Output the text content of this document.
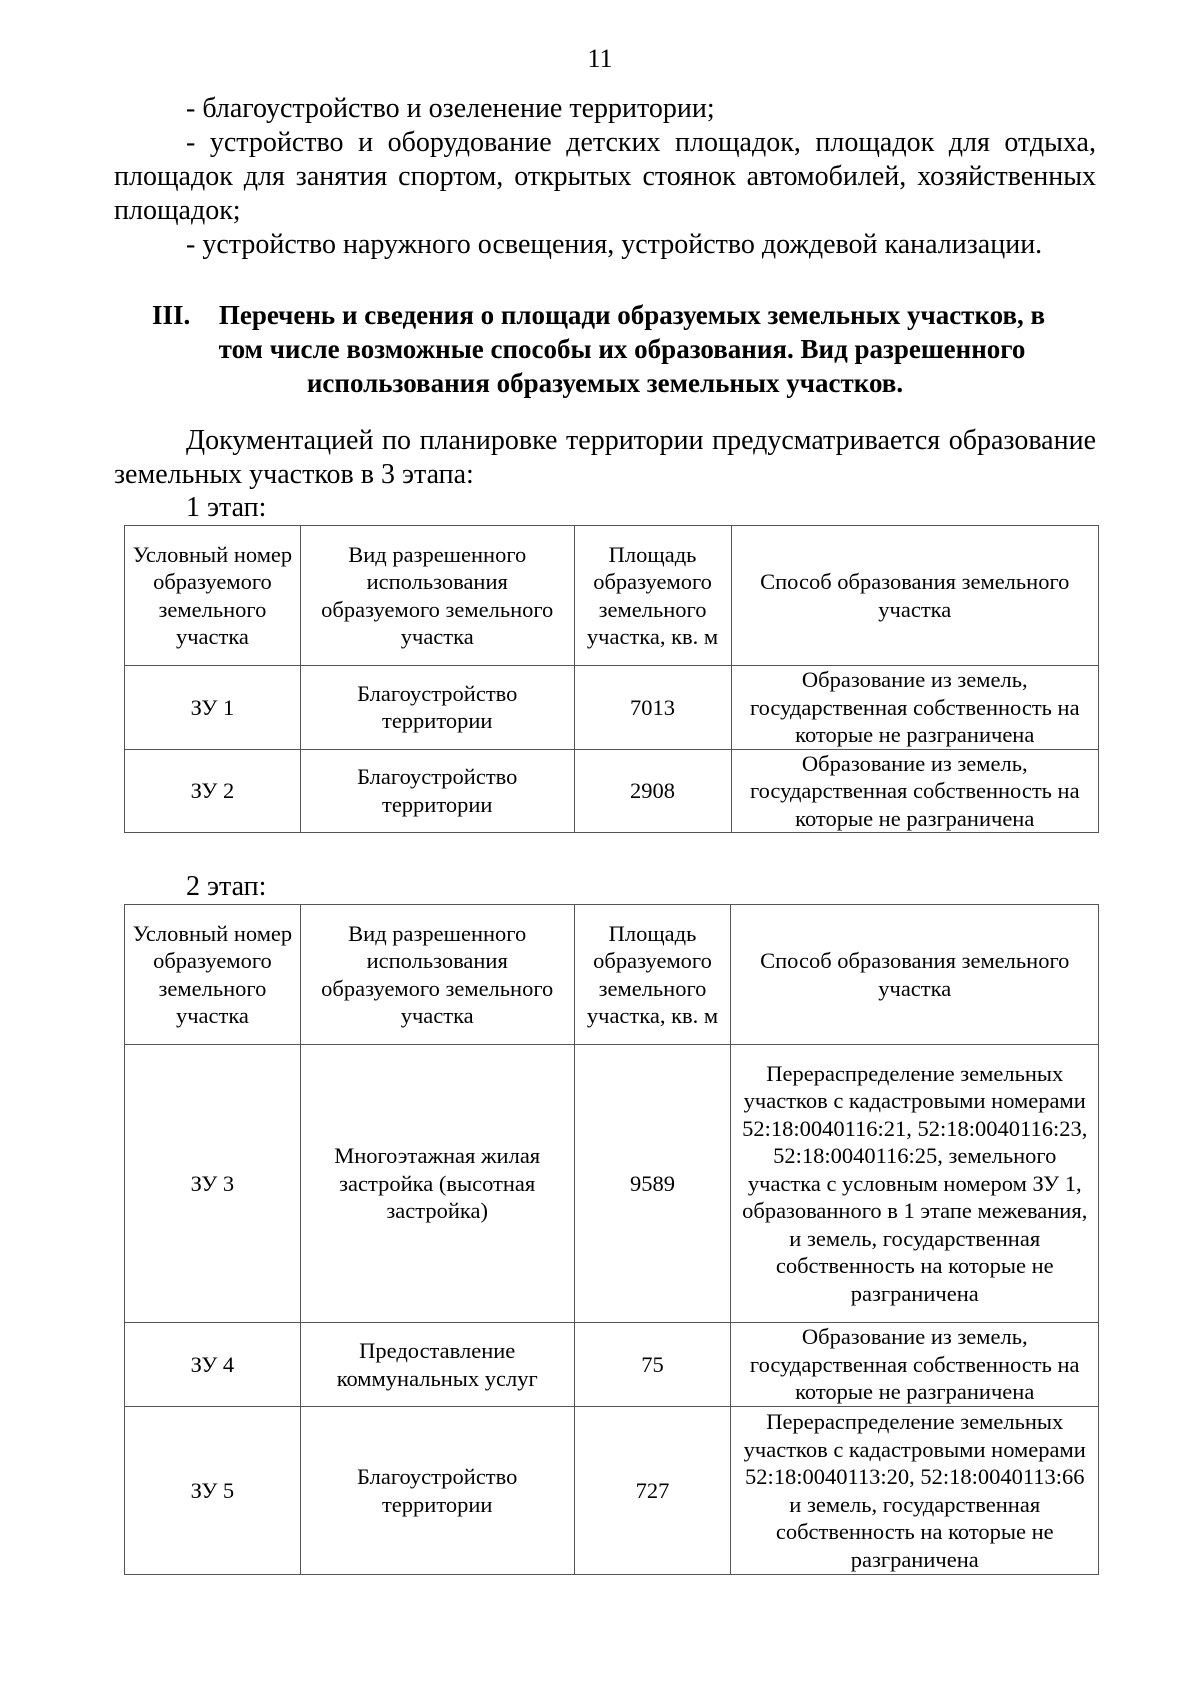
11

- благоустройство и озеленение территории;

- устройство и оборудование детских площадок, площадок для отдыха, площадок для занятия спортом, открытых стоянок автомобилей, хозяйственных площадок;

- устройство наружного освещения, устройство дождевой канализации.

III.	Перечень и сведения о площади образуемых земельных участков, в
том числе возможные способы их образования. Вид разрешенного
использования образуемых земельных участков.

Документацией по планировке территории предусматривается образование земельных участков в 3 этапа:

1 этап:
Условный номер образуемого земельного участка	Вид разрешенного использования образуемого земельного участка	Площадь образуемого земельного участка, кв. м	Способ образования земельного участка
ЗУ 1	Благоустройство территории	7013	Образование из земель, государственная собственность на которые не разграничена
ЗУ 2	Благоустройство территории	2908	Образование из земель, государственная собственность на которые не разграничена
2 этап:
Условный номер образуемого земельного участка	Вид разрешенного использования образуемого земельного участка	Площадь образуемого земельного участка, кв. м	Способ образования земельного участка
ЗУ 3	Многоэтажная жилая застройка (высотная застройка)	9589	Перераспределение земельных участков с кадастровыми номерами 52:18:0040116:21, 52:18:0040116:23, 52:18:0040116:25, земельного участка с условным номером ЗУ 1, образованного в 1 этапе межевания, и земель, государственная собственность на которые не разграничена
ЗУ 4	Предоставление коммунальных услуг	75	Образование из земель, государственная собственность на которые не разграничена
ЗУ 5	Благоустройство территории	727	Перераспределение земельных участков с кадастровыми номерами 52:18:0040113:20, 52:18:0040113:66 и земель, государственная собственность на которые не разграничена
